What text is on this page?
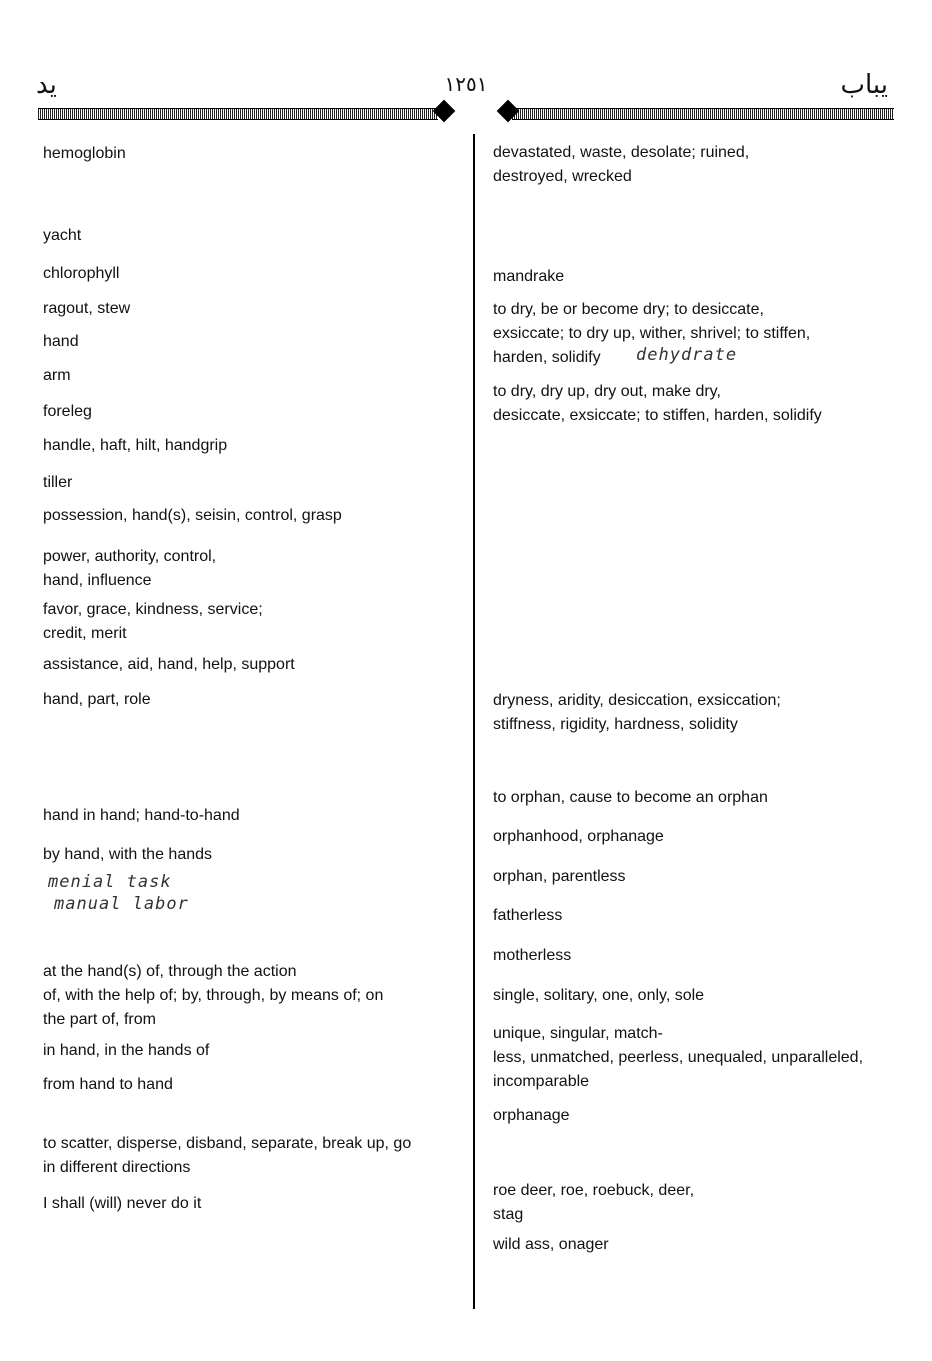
يد	١٢٥١	يباب
hemoglobin
yacht
chlorophyll
ragout, stew
hand
arm
foreleg
handle, haft, hilt, handgrip
tiller
possession, hand(s), seisin, control, grasp
power, authority, control,
hand, influence
favor, grace, kindness, service;
credit, merit
assistance, aid, hand, help, support
hand, part, role
hand in hand; hand-to-hand
by hand, with the hands
at the hand(s) of, through the action
of, with the help of; by, through, by means of; on
the part of, from
in hand, in the hands of
from hand to hand
to scatter, disperse, disband, separate, break up, go
in different directions
I shall (will) never do it
devastated, waste, desolate; ruined,
destroyed, wrecked
mandrake
to dry, be or become dry; to desiccate,
exsiccate; to dry up, wither, shrivel; to stiffen,
harden, solidify
to dry, dry up, dry out, make dry,
desiccate, exsiccate; to stiffen, harden, solidify
dryness, aridity, desiccation, exsiccation;
stiffness, rigidity, hardness, solidity
to orphan, cause to become an orphan
orphanhood, orphanage
orphan, parentless
fatherless
motherless
single, solitary, one, only, sole
unique, singular, match-
less, unmatched, peerless, unequaled, unparalleled,
incomparable
orphanage
roe deer, roe, roebuck, deer,
stag
wild ass, onager
dehydrate
menial task
manual labor
